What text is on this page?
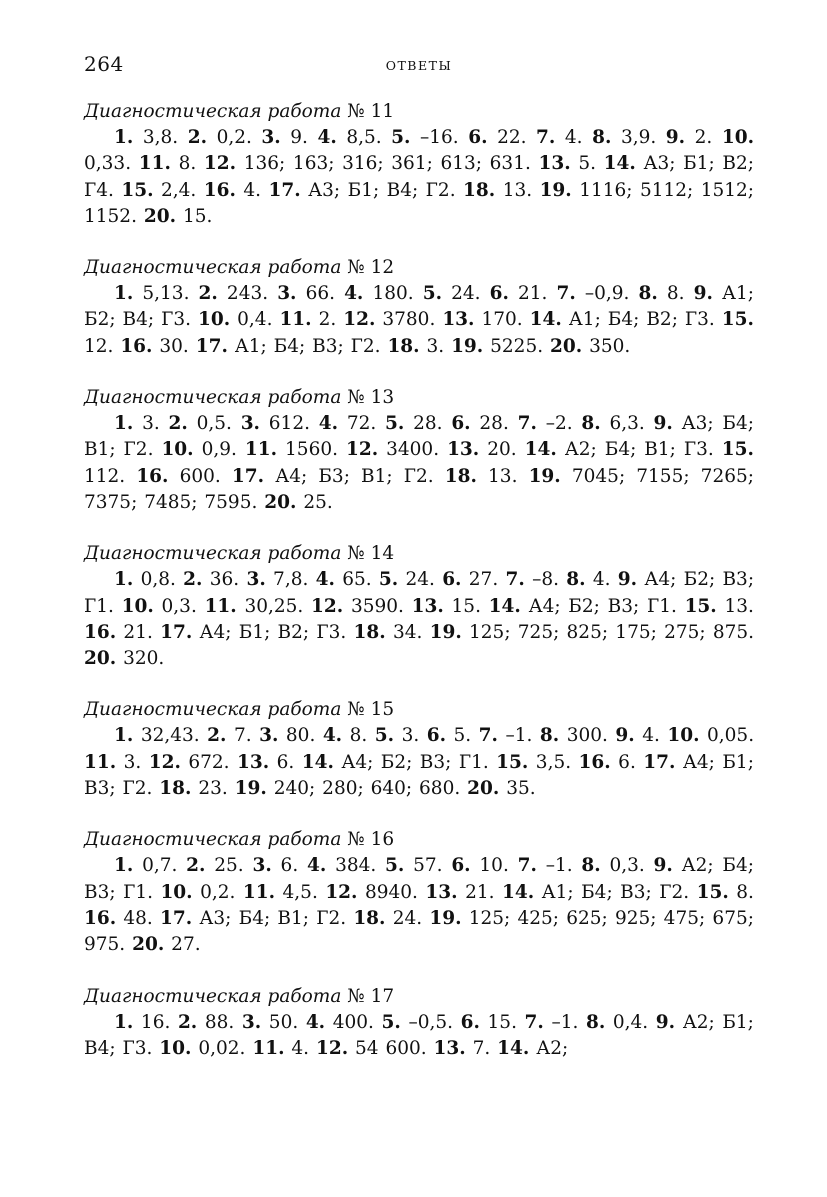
264	ОТВЕТЫ

Диагностическая работа № 11

1. 3,8. 2. 0,2. 3. 9. 4. 8,5. 5. –16. 6. 22. 7. 4. 8. 3,9. 9. 2. 10. 0,33. 11. 8. 12. 136; 163; 316; 361; 613; 631. 13. 5. 14. А3; Б1; В2; Г4. 15. 2,4. 16. 4. 17. А3; Б1; В4; Г2. 18. 13. 19. 1116; 5112; 1512; 1152. 20. 15.

Диагностическая работа № 12

1. 5,13. 2. 243. 3. 66. 4. 180. 5. 24. 6. 21. 7. –0,9. 8. 8. 9. А1; Б2; В4; Г3. 10. 0,4. 11. 2. 12. 3780. 13. 170. 14. А1; Б4; В2; Г3. 15. 12. 16. 30. 17. А1; Б4; В3; Г2. 18. 3. 19. 5225. 20. 350.

Диагностическая работа № 13

1. 3. 2. 0,5. 3. 612. 4. 72. 5. 28. 6. 28. 7. –2. 8. 6,3. 9. А3; Б4; В1; Г2. 10. 0,9. 11. 1560. 12. 3400. 13. 20. 14. А2; Б4; В1; Г3. 15. 112. 16. 600. 17. А4; Б3; В1; Г2. 18. 13. 19. 7045; 7155; 7265; 7375; 7485; 7595. 20. 25.

Диагностическая работа № 14

1. 0,8. 2. 36. 3. 7,8. 4. 65. 5. 24. 6. 27. 7. –8. 8. 4. 9. А4; Б2; В3; Г1. 10. 0,3. 11. 30,25. 12. 3590. 13. 15. 14. А4; Б2; В3; Г1. 15. 13. 16. 21. 17. А4; Б1; В2; Г3. 18. 34. 19. 125; 725; 825; 175; 275; 875. 20. 320.

Диагностическая работа № 15

1. 32,43. 2. 7. 3. 80. 4. 8. 5. 3. 6. 5. 7. –1. 8. 300. 9. 4. 10. 0,05. 11. 3. 12. 672. 13. 6. 14. А4; Б2; В3; Г1. 15. 3,5. 16. 6. 17. А4; Б1; В3; Г2. 18. 23. 19. 240; 280; 640; 680. 20. 35.

Диагностическая работа № 16

1. 0,7. 2. 25. 3. 6. 4. 384. 5. 57. 6. 10. 7. –1. 8. 0,3. 9. А2; Б4; В3; Г1. 10. 0,2. 11. 4,5. 12. 8940. 13. 21. 14. А1; Б4; В3; Г2. 15. 8. 16. 48. 17. А3; Б4; В1; Г2. 18. 24. 19. 125; 425; 625; 925; 475; 675; 975. 20. 27.

Диагностическая работа № 17

1. 16. 2. 88. 3. 50. 4. 400. 5. –0,5. 6. 15. 7. –1. 8. 0,4. 9. А2; Б1; В4; Г3. 10. 0,02. 11. 4. 12. 54 600. 13. 7. 14. А2;
